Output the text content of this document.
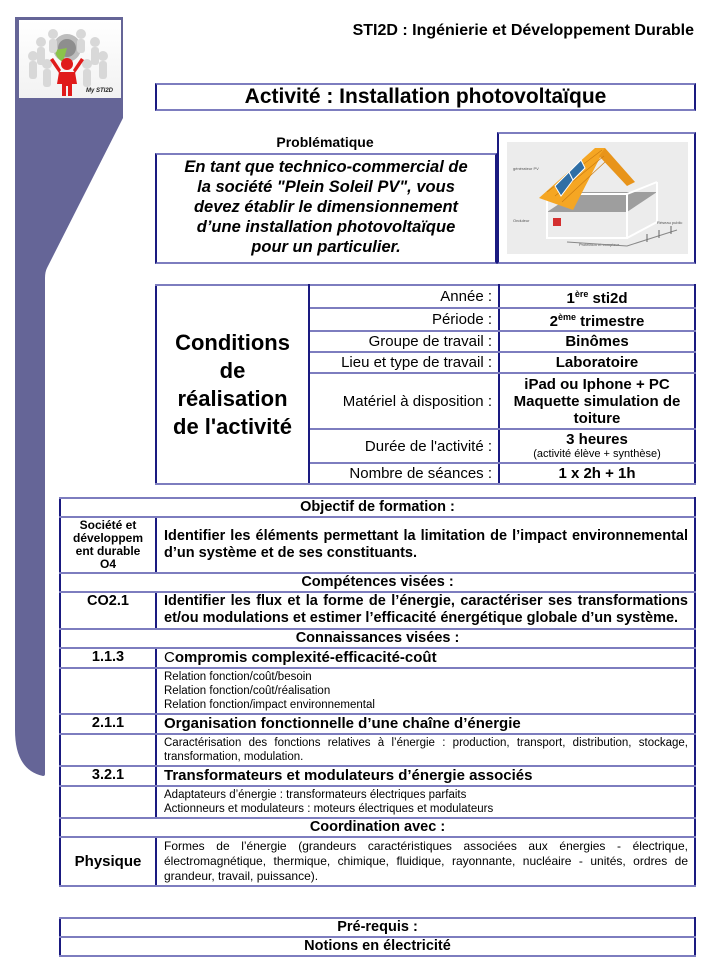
My STI2D
STI2D : Ingénierie et Développement Durable
Activité : Installation photovoltaïque
Problématique
En tant que technico-commercial de
la société "Plein Soleil PV", vous
devez établir le dimensionnement
d’une installation photovoltaïque
pour un particulier.
générateur PV
Onduleur
Protection et compteur
Réseau public
Conditions
de
réalisation
de l'activité	Année :	1ère sti2d
	Période :	2ème trimestre
	Groupe de travail :	Binômes
	Lieu et type de travail :	Laboratoire
	Matériel à disposition :	iPad ou Iphone + PC
Maquette simulation de
toiture

	Durée de l'activité :	3 heures
(activité élève + synthèse)

	Nombre de séances :	1 x 2h + 1h
Objectif de formation :	

Société et
développem
ent durable
O4	Identifier les éléments permettant la limitation de l’impact environnemental d’un système et de ses constituants.
Compétences visées :	
CO2.1	Identifier les flux et la forme de l’énergie, caractériser ses transformations et/ou modulations et estimer l’efficacité énergétique globale d’un système.
Connaissances visées :	
1.1.3	Compromis complexité-efficacité-coût

	Relation fonction/coût/besoin
Relation fonction/coût/réalisation
Relation fonction/impact environnemental

2.1.1	Organisation fonctionnelle d’une chaîne d’énergie
	Caractérisation des fonctions relatives à l’énergie : production, transport, distribution, stockage, transformation, modulation.
3.2.1	Transformateurs et modulateurs d’énergie associés

	Adaptateurs d’énergie : transformateurs électriques parfaits
Actionneurs et modulateurs : moteurs électriques et modulateurs

Coordination avec :	
Physique	Formes de l’énergie (grandeurs caractéristiques associées aux énergies - électrique, électromagnétique, thermique, chimique, fluidique, rayonnante, nucléaire - unités, ordres de grandeur, travail, puissance).
Pré-requis :
Notions en électricité
